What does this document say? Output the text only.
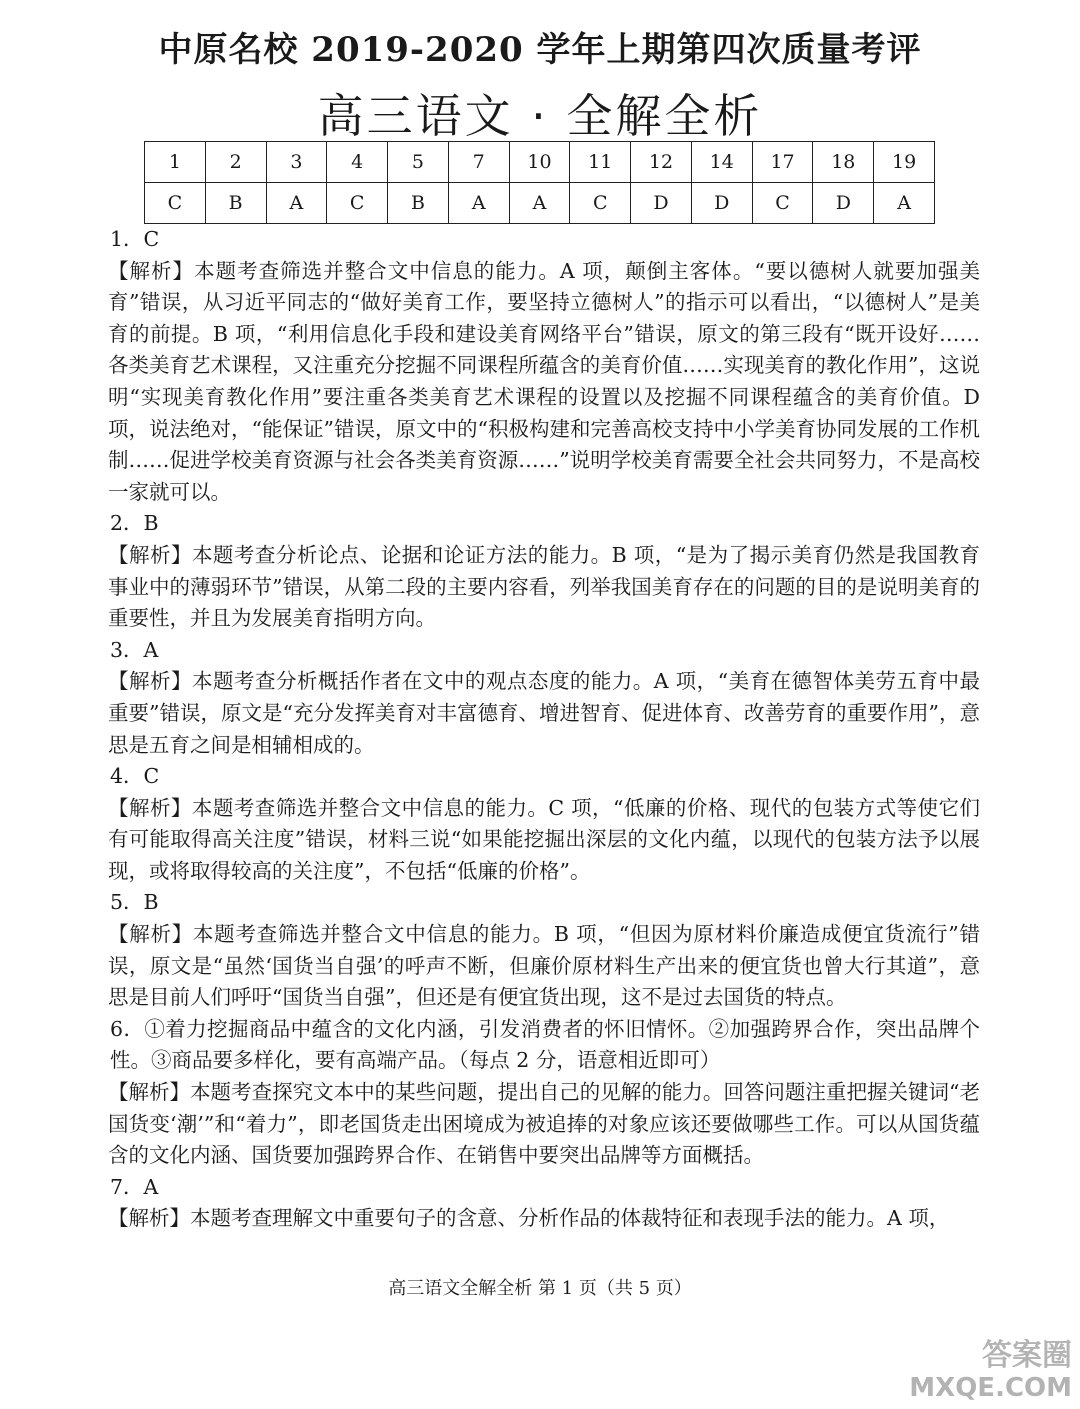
中原名校 2019-2020 学年上期第四次质量考评
高三语文 · 全解全析
1	2	3	4	5	7	10	11	12	14	17	18	19
C	B	A	C	B	A	A	C	D	D	C	D	A

1．C

【解析】本题考查筛选并整合文中信息的能力。A 项，颠倒主客体。“要以德树人就要加强美育”错误，从习近平同志的“做好美育工作，要坚持立德树人”的指示可以看出，“以德树人”是美育的前提。B 项，“利用信息化手段和建设美育网络平台”错误，原文的第三段有“既开设好……各类美育艺术课程，又注重充分挖掘不同课程所蕴含的美育价值……实现美育的教化作用”，这说明“实现美育教化作用”要注重各类美育艺术课程的设置以及挖掘不同课程蕴含的美育价值。D 项，说法绝对，“能保证”错误，原文中的“积极构建和完善高校支持中小学美育协同发展的工作机制……促进学校美育资源与社会各类美育资源……”说明学校美育需要全社会共同努力，不是高校一家就可以。

2．B

【解析】本题考查分析论点、论据和论证方法的能力。B 项，“是为了揭示美育仍然是我国教育事业中的薄弱环节”错误，从第二段的主要内容看，列举我国美育存在的问题的目的是说明美育的重要性，并且为发展美育指明方向。

3．A

【解析】本题考查分析概括作者在文中的观点态度的能力。A 项，“美育在德智体美劳五育中最重要”错误，原文是“充分发挥美育对丰富德育、增进智育、促进体育、改善劳育的重要作用”，意思是五育之间是相辅相成的。

4．C

【解析】本题考查筛选并整合文中信息的能力。C 项，“低廉的价格、现代的包装方式等使它们有可能取得高关注度”错误，材料三说“如果能挖掘出深层的文化内蕴，以现代的包装方法予以展现，或将取得较高的关注度”，不包括“低廉的价格”。

5．B

【解析】本题考查筛选并整合文中信息的能力。B 项，“但因为原材料价廉造成便宜货流行”错误，原文是“虽然‘国货当自强’的呼声不断，但廉价原材料生产出来的便宜货也曾大行其道”，意思是目前人们呼吁“国货当自强”，但还是有便宜货出现，这不是过去国货的特点。

6．①着力挖掘商品中蕴含的文化内涵，引发消费者的怀旧情怀。②加强跨界合作，突出品牌个性。③商品要多样化，要有高端产品。（每点 2 分，语意相近即可）

【解析】本题考查探究文本中的某些问题，提出自己的见解的能力。回答问题注重把握关键词“老国货变‘潮’”和“着力”，即老国货走出困境成为被追捧的对象应该还要做哪些工作。可以从国货蕴含的文化内涵、国货要加强跨界合作、在销售中要突出品牌等方面概括。

7．A

【解析】本题考查理解文中重要句子的含意、分析作品的体裁特征和表现手法的能力。A 项，

高三语文全解全析 第 1 页（共 5 页）
答案圈
MXQE.COM
